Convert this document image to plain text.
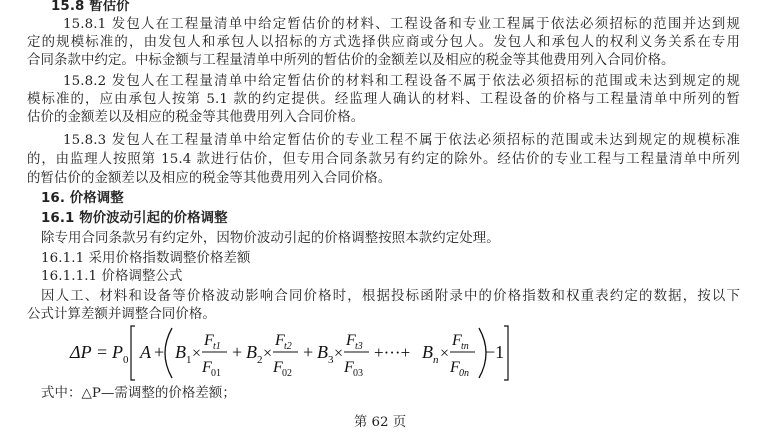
15.8 暂估价
15.8.1 发包人在工程量清单中给定暂估价的材料、工程设备和专业工程属于依法必须招标的范围并达到规
定的规模标准的，由发包人和承包人以招标的方式选择供应商或分包人。发包人和承包人的权利义务关系在专用
合同条款中约定。中标金额与工程量清单中所列的暂估价的金额差以及相应的税金等其他费用列入合同价格。
15.8.2 发包人在工程量清单中给定暂估价的材料和工程设备不属于依法必须招标的范围或未达到规定的规
模标准的，应由承包人按第 5.1 款的约定提供。经监理人确认的材料、工程设备的价格与工程量清单中所列的暂
估价的金额差以及相应的税金等其他费用列入合同价格。
15.8.3 发包人在工程量清单中给定暂估价的专业工程不属于依法必须招标的范围或未达到规定的规模标准
的，由监理人按照第 15.4 款进行估价，但专用合同条款另有约定的除外。经估价的专业工程与工程量清单中所列
的暂估价的金额差以及相应的税金等其他费用列入合同价格。
16. 价格调整
16.1 物价波动引起的价格调整
除专用合同条款另有约定外，因物价波动引起的价格调整按照本款约定处理。
16.1.1 采用价格指数调整价格差额
16.1.1.1 价格调整公式
因人工、材料和设备等价格波动影响合同价格时，根据投标函附录中的价格指数和权重表约定的数据，按以下
公式计算差额并调整合同价格。
ΔP = P 0 A + B 1 ×
F t1
F 01
+ B 2 ×
F t2
F 02
+ B 3 ×
F t3
F 03
+···+ B n ×
F tn
F 0n
−1
式中：△P—需调整的价格差额；
第 62 页
